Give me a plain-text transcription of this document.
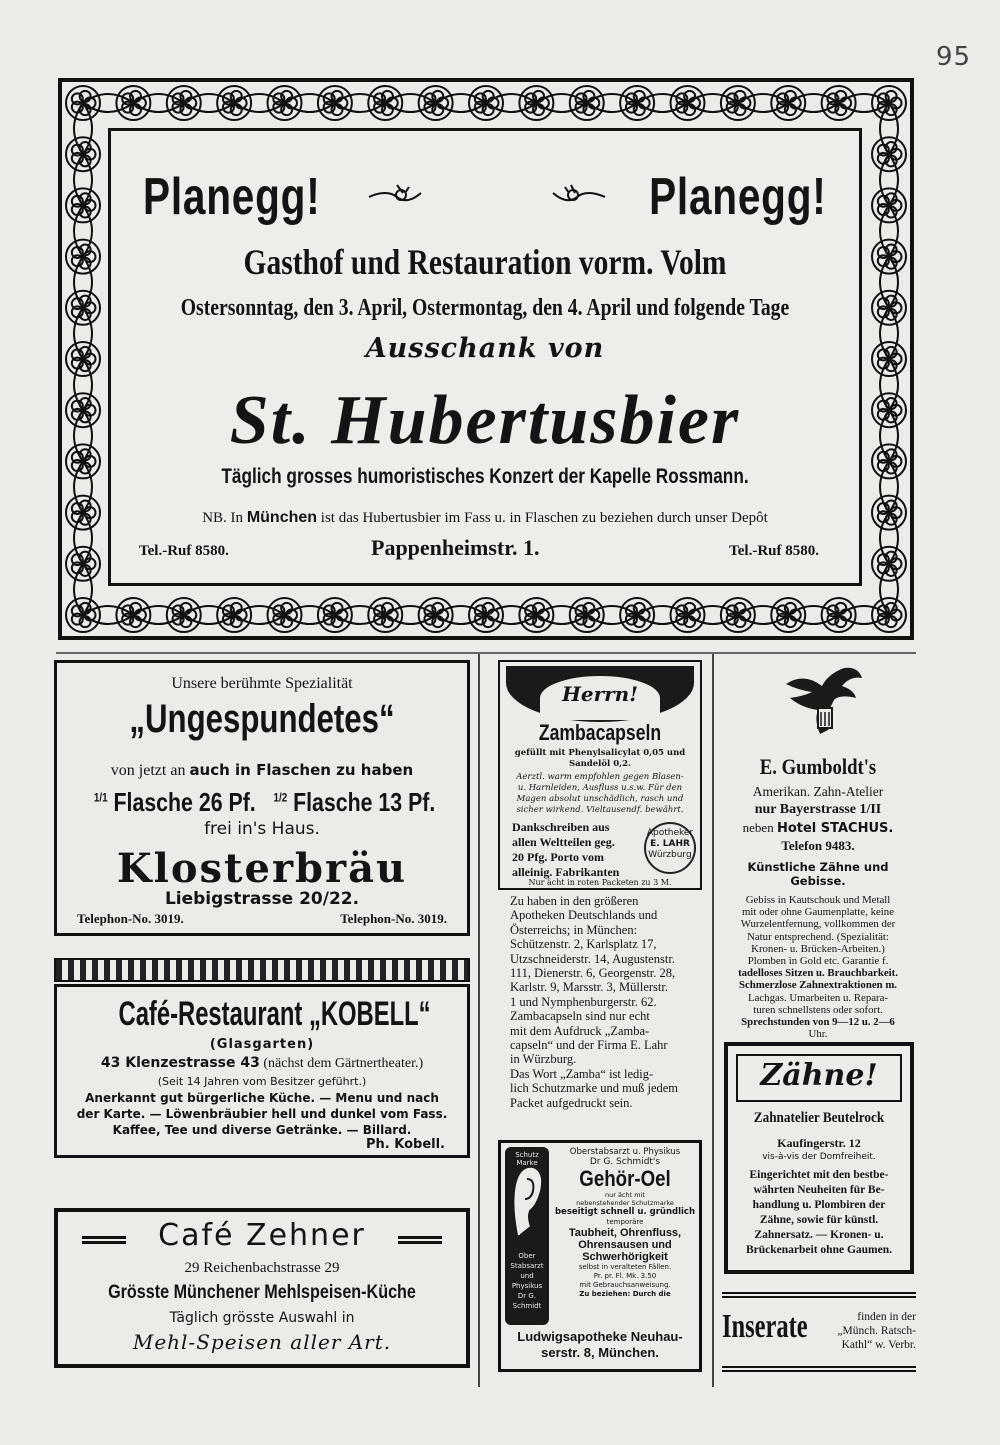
95
Planegg!	Planegg!
Gasthof und Restauration vorm. Volm
Ostersonntag, den 3. April, Ostermontag, den 4. April und folgende Tage
Ausschank von
St. Hubertusbier
Täglich grosses humoristisches Konzert der Kapelle Rossmann.
NB. In München ist das Hubertusbier im Fass u. in Flaschen zu beziehen durch unser Depôt
Tel.-Ruf 8580.	Pappenheimstr. 1.	Tel.-Ruf 8580.
Unsere berühmte Spezialität
„Ungespundetes“
von jetzt an auch in Flaschen zu haben
$^{1/1}$ Flasche 26 Pf. $^{1/2}$ Flasche 13 Pf.
frei in's Haus.
Klosterbräu
Liebigstrasse 20/22.
Telephon-No. 3019.	Telephon-No. 3019.
Café-Restaurant „KOBELL“
(Glasgarten)
43 Klenzestrasse 43 (nächst dem Gärtnertheater.)
(Seit 14 Jahren vom Besitzer geführt.)
Anerkannt gut bürgerliche Küche. — Menu und nach
der Karte. — Löwenbräubier hell und dunkel vom Fass.
Kaffee, Tee und diverse Getränke. — Billard.
Ph. Kobell.
Café Zehner
29 Reichenbachstrasse 29
Grösste Münchener Mehlspeisen-Küche
Täglich grösste Auswahl in
Mehl-Speisen aller Art.
Herrn!
Zambacapseln
gefüllt mit Phenylsalicylat 0,05 und
Sandelöl 0,2.
Aerztl. warm empfohlen gegen Blasen-
u. Harnleiden, Ausfluss u.s.w. Für den
Magen absolut unschädlich, rasch und
sicher wirkend. Vieltausendf. bewährt.
Dankschreiben aus
allen Weltteilen geg.
20 Pfg. Porto vom
alleinig. Fabrikanten
Apotheker
E. LAHR
Würzburg
Nur ächt in roten Packeten zu 3 M.
Zu haben in den größeren
Apotheken Deutschlands und
Österreichs; in München:
Schützenstr. 2, Karlsplatz 17,
Utzschneiderstr. 14, Augustenstr.
111, Dienerstr. 6, Georgenstr. 28,
Karlstr. 9, Marsstr. 3, Müllerstr.
1 und Nymphenburgerstr. 62.
Zambacapseln sind nur echt
mit dem Aufdruck „Zamba-
capseln“ und der Firma E. Lahr
in Würzburg.
Das Wort „Zamba“ ist ledig-
lich Schutzmarke und muß jedem
Packet aufgedruckt sein.
Schutz Marke
Ober Stabsarzt
und
Physikus
Dr G. Schmidt
Oberstabsarzt u. Physikus
Dr G. Schmidt's
Gehör-Oel
nur ächt mit
nebenstehender Schutzmarke
beseitigt schnell u. gründlich
temporäre
Taubheit, Ohrenfluss,
Ohrensausen und
Schwerhörigkeit
selbst in veralteten Fällen.
Pr. pr. Fl. Mk. 3.50
mit Gebrauchsanweisung.
Zu beziehen: Durch die
Ludwigsapotheke Neuhau-
serstr. 8, München.
E. Gumboldt's
Amerikan. Zahn-Atelier
nur Bayerstrasse 1/II
neben Hotel STACHUS.
Telefon 9483.
Künstliche Zähne und Gebisse.
Gebiss in Kautschouk und Metall
mit oder ohne Gaumenplatte, keine
Wurzelentfernung, vollkommen der
Natur entsprechend. (Spezialität:
Kronen- u. Brücken-Arbeiten.)
Plomben in Gold etc. Garantie f.
tadelloses Sitzen u. Brauchbarkeit.
Schmerzlose Zahnextraktionen m.
Lachgas. Umarbeiten u. Repara-
turen schnellstens oder sofort.
Sprechstunden von 9—12 u. 2—6
Uhr.
Zähne!
Zahnatelier Beutelrock
Kaufingerstr. 12
vis-à-vis der Domfreiheit.
Eingerichtet mit den bestbe-
währten Neuheiten für Be-
handlung u. Plombiren der
Zähne, sowie für künstl.
Zahnersatz. — Kronen- u.
Brückenarbeit ohne Gaumen.
Inserate	finden in der
„Münch. Ratsch-
Kathl“ w. Verbr.
